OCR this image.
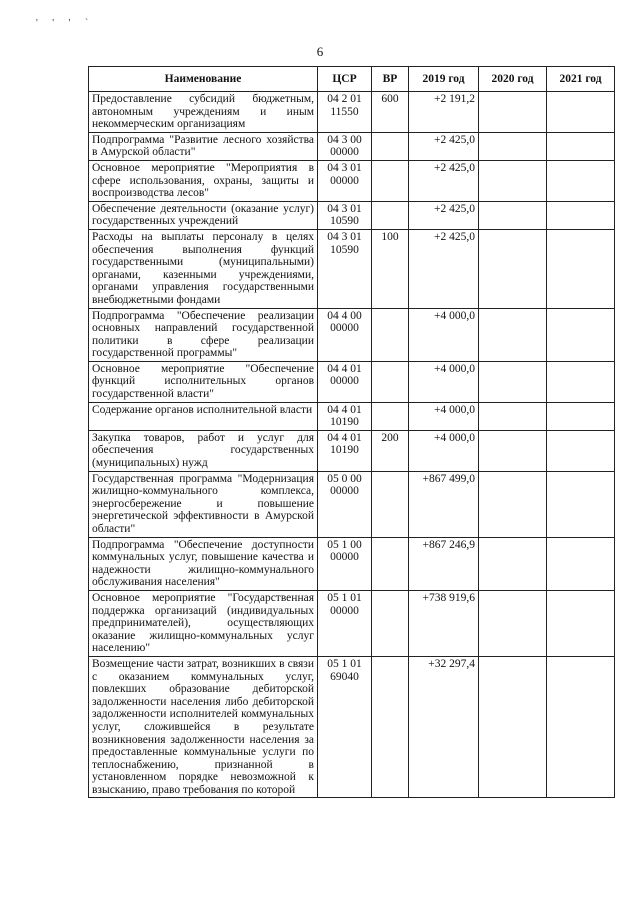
' ' ' `
6
Наименование	ЦСР	ВР	2019 год	2020 год	2021 год
Предоставление субсидий бюджетным, автономным учреждениям и иным некоммерческим организациям	04 2 01 11550	600	+2 191,2		
Подпрограмма "Развитие лесного хозяйства в Амурской области"	04 3 00 00000		+2 425,0		
Основное мероприятие "Мероприятия в сфере использования, охраны, защиты и воспроизводства лесов"	04 3 01 00000		+2 425,0		
Обеспечение деятельности (оказание услуг) государственных учреждений	04 3 01 10590		+2 425,0		
Расходы на выплаты персоналу в целях обеспечения выполнения функций государственными (муниципальными) органами, казенными учреждениями, органами управления государственными внебюджетными фондами	04 3 01 10590	100	+2 425,0		
Подпрограмма "Обеспечение реализации основных направлений государственной политики в сфере реализации государственной программы"	04 4 00 00000		+4 000,0		
Основное мероприятие "Обеспечение функций исполнительных органов государственной власти"	04 4 01 00000		+4 000,0		
Содержание органов исполнительной власти	04 4 01 10190		+4 000,0		
Закупка товаров, работ и услуг для обеспечения государственных (муниципальных) нужд	04 4 01 10190	200	+4 000,0		
Государственная программа "Модернизация жилищно-коммунального комплекса, энергосбережение и повышение энергетической эффективности в Амурской области"	05 0 00 00000		+867 499,0		
Подпрограмма "Обеспечение доступности коммунальных услуг, повышение качества и надежности жилищно-коммунального обслуживания населения"	05 1 00 00000		+867 246,9		
Основное мероприятие "Государственная поддержка организаций (индивидуальных предпринимателей), осуществляющих оказание жилищно-коммунальных услуг населению"	05 1 01 00000		+738 919,6		
Возмещение части затрат, возникших в связи с оказанием коммунальных услуг, повлекших образование дебиторской задолженности населения либо дебиторской задолженности исполнителей коммунальных услуг, сложившейся в результате возникновения задолженности населения за предоставленные коммунальные услуги по теплоснабжению, признанной в установленном порядке невозможной к взысканию, право требования по которой	05 1 01 69040		+32 297,4		
